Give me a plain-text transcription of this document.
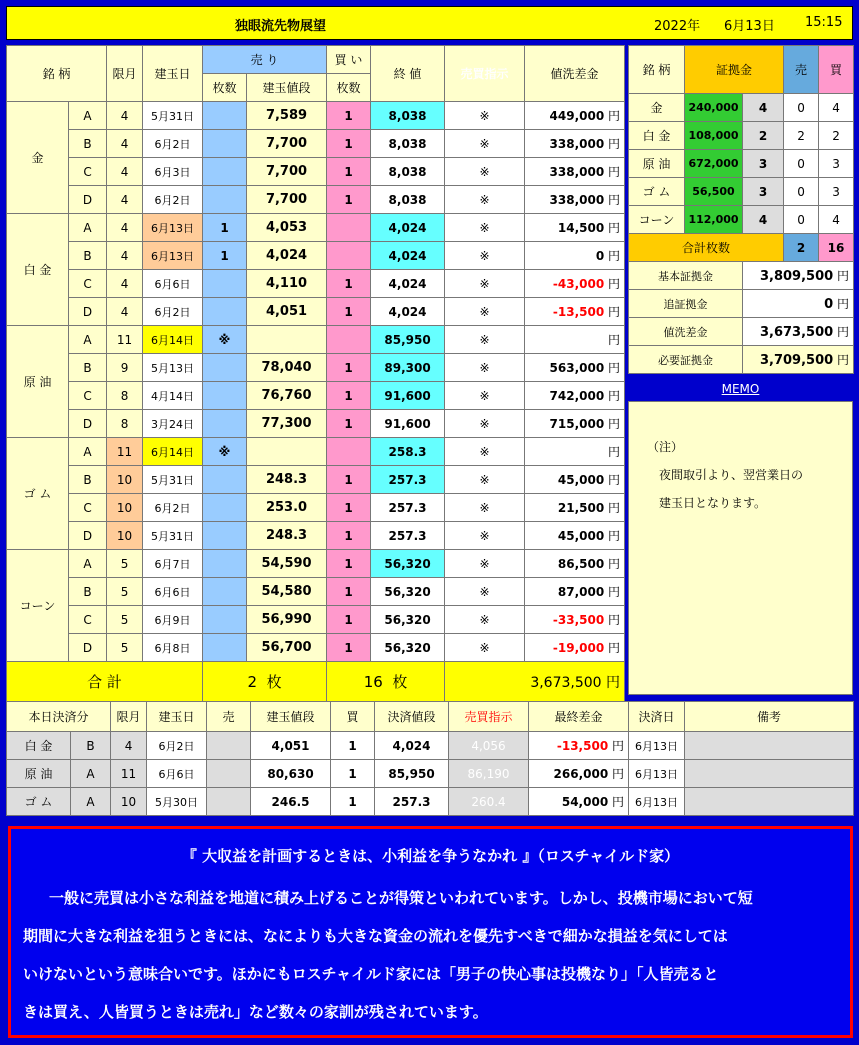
独眼流先物展望	2022年 6月13日 15:15
銘 柄		限月	建玉日	売 り		買 い	終 値	売買指示	値洗差金
				枚数	建玉値段	枚数			
金	A	4	5月31日		7,589	1	8,038	※	449,000 円
	B	4	6月2日		7,700	1	8,038	※	338,000 円
	C	4	6月3日		7,700	1	8,038	※	338,000 円
	D	4	6月2日		7,700	1	8,038	※	338,000 円
白 金	A	4	6月13日	1	4,053		4,024	※	14,500 円
	B	4	6月13日	1	4,024		4,024	※	0 円
	C	4	6月6日		4,110	1	4,024	※	-43,000 円
	D	4	6月2日		4,051	1	4,024	※	-13,500 円
原 油	A	11	6月14日	※			85,950	※	円
	B	9	5月13日		78,040	1	89,300	※	563,000 円
	C	8	4月14日		76,760	1	91,600	※	742,000 円
	D	8	3月24日		77,300	1	91,600	※	715,000 円
ゴ ム	A	11	6月14日	※			258.3	※	円
	B	10	5月31日		248.3	1	257.3	※	45,000 円
	C	10	6月2日		253.0	1	257.3	※	21,500 円
	D	10	5月31日		248.3	1	257.3	※	45,000 円
コーン	A	5	6月7日		54,590	1	56,320	※	86,500 円
	B	5	6月6日		54,580	1	56,320	※	87,000 円
	C	5	6月9日		56,990	1	56,320	※	-33,500 円
	D	5	6月8日		56,700	1	56,320	※	-19,000 円
合 計				2 枚		16 枚		3,673,500 円	
銘 柄	証拠金		売	買
金	240,000	4	0	4
白 金	108,000	2	2	2
原 油	672,000	3	0	3
ゴ ム	56,500	3	0	3
コーン	112,000	4	0	4
合計枚数			2	16
基本証拠金		3,809,500 円		
追証拠金		0 円		
値洗差金		3,673,500 円		
必要証拠金		3,709,500 円		
MEMO

（注）

夜間取引より、翌営業日の

建玉日となります。

本日決済分		限月	建玉日	売	建玉値段	買	決済値段	売買指示	最終差金	決済日	備考
白 金	B	4	6月2日		4,051	1	4,024	4,056	-13,500 円	6月13日	
原 油	A	11	6月6日		80,630	1	85,950	86,190	266,000 円	6月13日	
ゴ ム	A	10	5月30日		246.5	1	257.3	260.4	54,000 円	6月13日	

『 大収益を計画するときは、小利益を争うなかれ 』（ロスチャイルド家）

一般に売買は小さな利益を地道に積み上げることが得策といわれています。しかし、投機市場において短

期間に大きな利益を狙うときには、なによりも大きな資金の流れを優先すべきで細かな損益を気にしては

いけないという意味合いです。ほかにもロスチャイルド家には「男子の快心事は投機なり」「人皆売ると

きは買え、人皆買うときは売れ」など数々の家訓が残されています。
